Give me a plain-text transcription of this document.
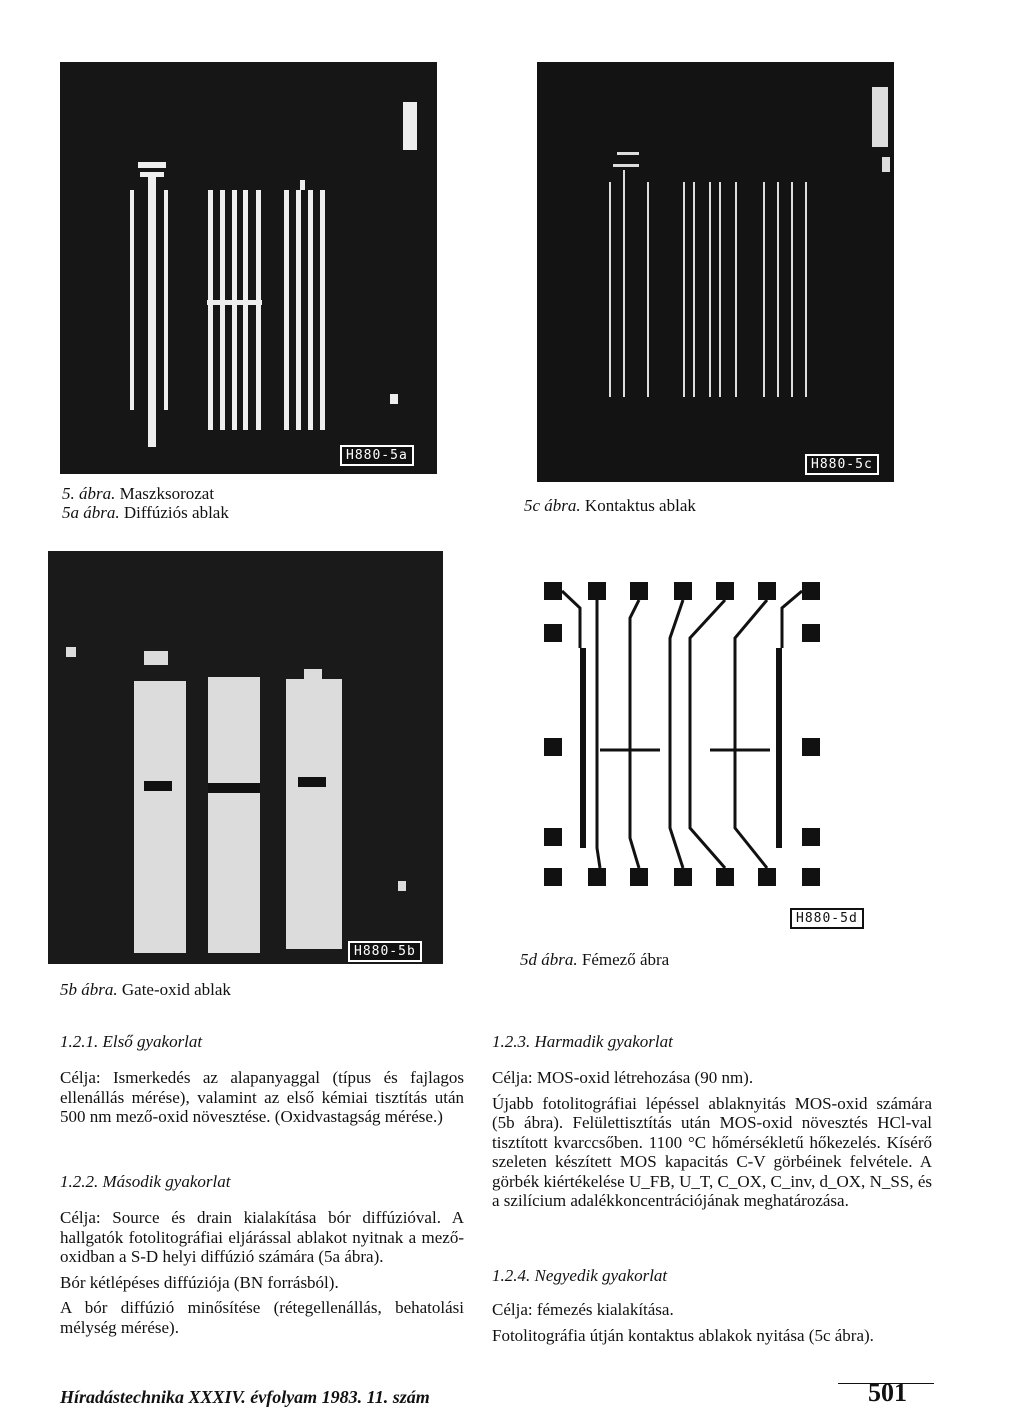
H880-5a
5. ábra. Maszksorozat
5a ábra. Diffúziós ablak
H880-5c
5c ábra. Kontaktus ablak
H880-5b
5b ábra. Gate-oxid ablak
H880-5d
5d ábra. Fémező ábra
1.2.1. Első gyakorlat

Célja: Ismerkedés az alapanyaggal (típus és fajlagos ellenállás mérése), valamint az első kémiai tisztítás után 500 nm mező-oxid növesztése. (Oxidvastagság mérése.)

1.2.2. Második gyakorlat

Célja: Source és drain kialakítása bór diffúzióval. A hallgatók fotolitográfiai eljárással ablakot nyitnak a mező-oxidban a S-D helyi diffúzió számára (5a ábra).

Bór kétlépéses diffúziója (BN forrásból).

A bór diffúzió minősítése (rétegellenállás, behatolási mélység mérése).

1.2.3. Harmadik gyakorlat

Célja: MOS-oxid létrehozása (90 nm).

Újabb fotolitográfiai lépéssel ablaknyitás MOS-oxid számára (5b ábra). Felülettisztítás után MOS-oxid növesztés HCl-val tisztított kvarccsőben. 1100 °C hőmérsékletű hőkezelés. Kísérő szeleten készített MOS kapacitás C-V görbéinek felvétele. A görbék kiértékelése U_FB, U_T, C_OX, C_inv, d_OX, N_SS, és a szilícium adalékkoncentrációjának meghatározása.

1.2.4. Negyedik gyakorlat

Célja: fémezés kialakítása.

Fotolitográfia útján kontaktus ablakok nyitása (5c ábra).

Híradástechnika XXXIV. évfolyam 1983. 11. szám	501
